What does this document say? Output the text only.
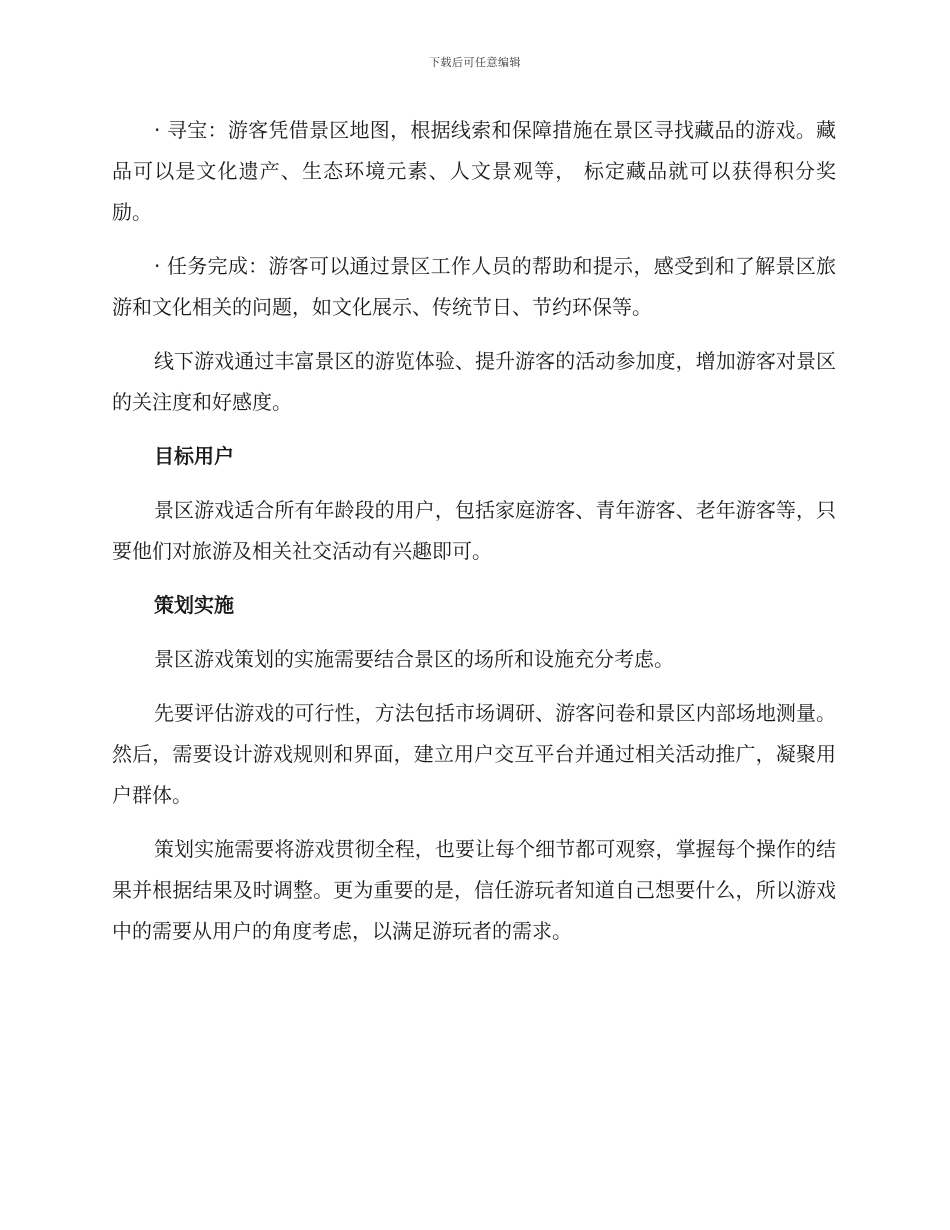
下载后可任意编辑

· 寻宝：游客凭借景区地图，根据线索和保障措施在景区寻找藏品的游戏。藏品可以是文化遗产、生态环境元素、人文景观等， 标定藏品就可以获得积分奖励。

· 任务完成：游客可以通过景区工作人员的帮助和提示，感受到和了解景区旅游和文化相关的问题，如文化展示、传统节日、节约环保等。

线下游戏通过丰富景区的游览体验、提升游客的活动参加度，增加游客对景区的关注度和好感度。

目标用户

景区游戏适合所有年龄段的用户，包括家庭游客、青年游客、老年游客等，只要他们对旅游及相关社交活动有兴趣即可。

策划实施

景区游戏策划的实施需要结合景区的场所和设施充分考虑。

先要评估游戏的可行性，方法包括市场调研、游客问卷和景区内部场地测量。然后，需要设计游戏规则和界面，建立用户交互平台并通过相关活动推广，凝聚用户群体。

策划实施需要将游戏贯彻全程，也要让每个细节都可观察，掌握每个操作的结果并根据结果及时调整。更为重要的是，信任游玩者知道自己想要什么，所以游戏中的需要从用户的角度考虑，以满足游玩者的需求。
